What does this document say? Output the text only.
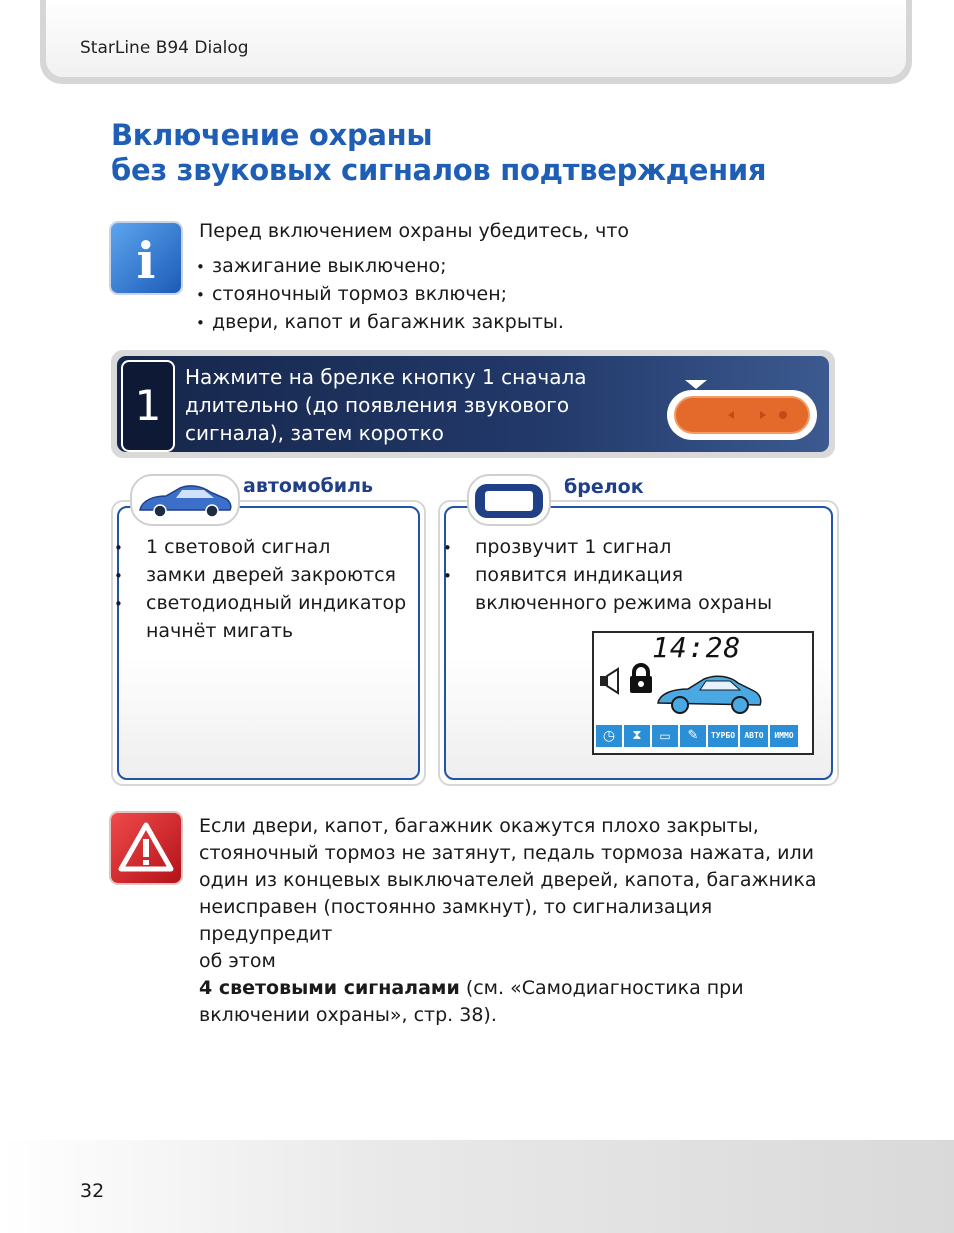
StarLine B94 Dialog
Включение охраны
без звуковых сигналов подтверждения
i	Перед включением охраны убедитесь, что
• зажигание выключено;
• стояночный тормоз включен;
• двери, капот и багажник закрыты.
1
Нажмите на брелке кнопку 1 сначала
длительно (до появления звукового
сигнала), затем коротко
автомобиль
• 1 световой сигнал
• замки дверей закроются
• светодиодный индикатор начнёт мигать
брелок
• прозвучит 1 сигнал
• появится индикация включенного режима охраны
14:28
◷	⧗	▭	✎	ТУРБО	АВТО	ИММО
Если двери, капот, багажник окажутся плохо закрыты,
стояночный тормоз не затянут, педаль тормоза нажата, или
один из концевых выключателей дверей, капота, багажника
неисправен (постоянно замкнут), то сигнализация предупредит
об этом
4 световыми сигналами (см. «Самодиагностика при
включении охраны», стр. 38).
32
